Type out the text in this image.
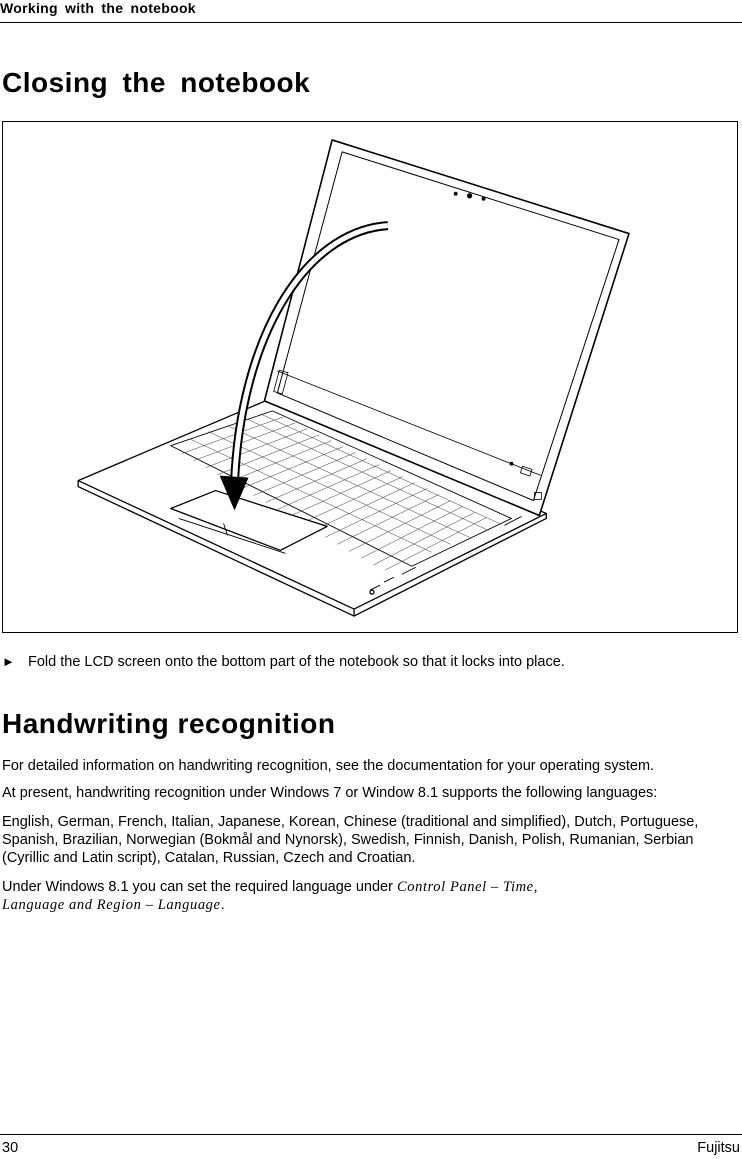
Working with the notebook
Closing the notebook
► Fold the LCD screen onto the bottom part of the notebook so that it locks into place.
Handwriting recognition

For detailed information on handwriting recognition, see the documentation for your operating system.

At present, handwriting recognition under Windows 7 or Window 8.1 supports the following languages:

English, German, French, Italian, Japanese, Korean, Chinese (traditional and simplified), Dutch, Portuguese, Spanish, Brazilian, Norwegian (Bokmål and Nynorsk), Swedish, Finnish, Danish, Polish, Rumanian, Serbian (Cyrillic and Latin script), Catalan, Russian, Czech and Croatian.

Under Windows 8.1 you can set the required language under Control Panel – Time, Language and Region – Language.

30	Fujitsu
